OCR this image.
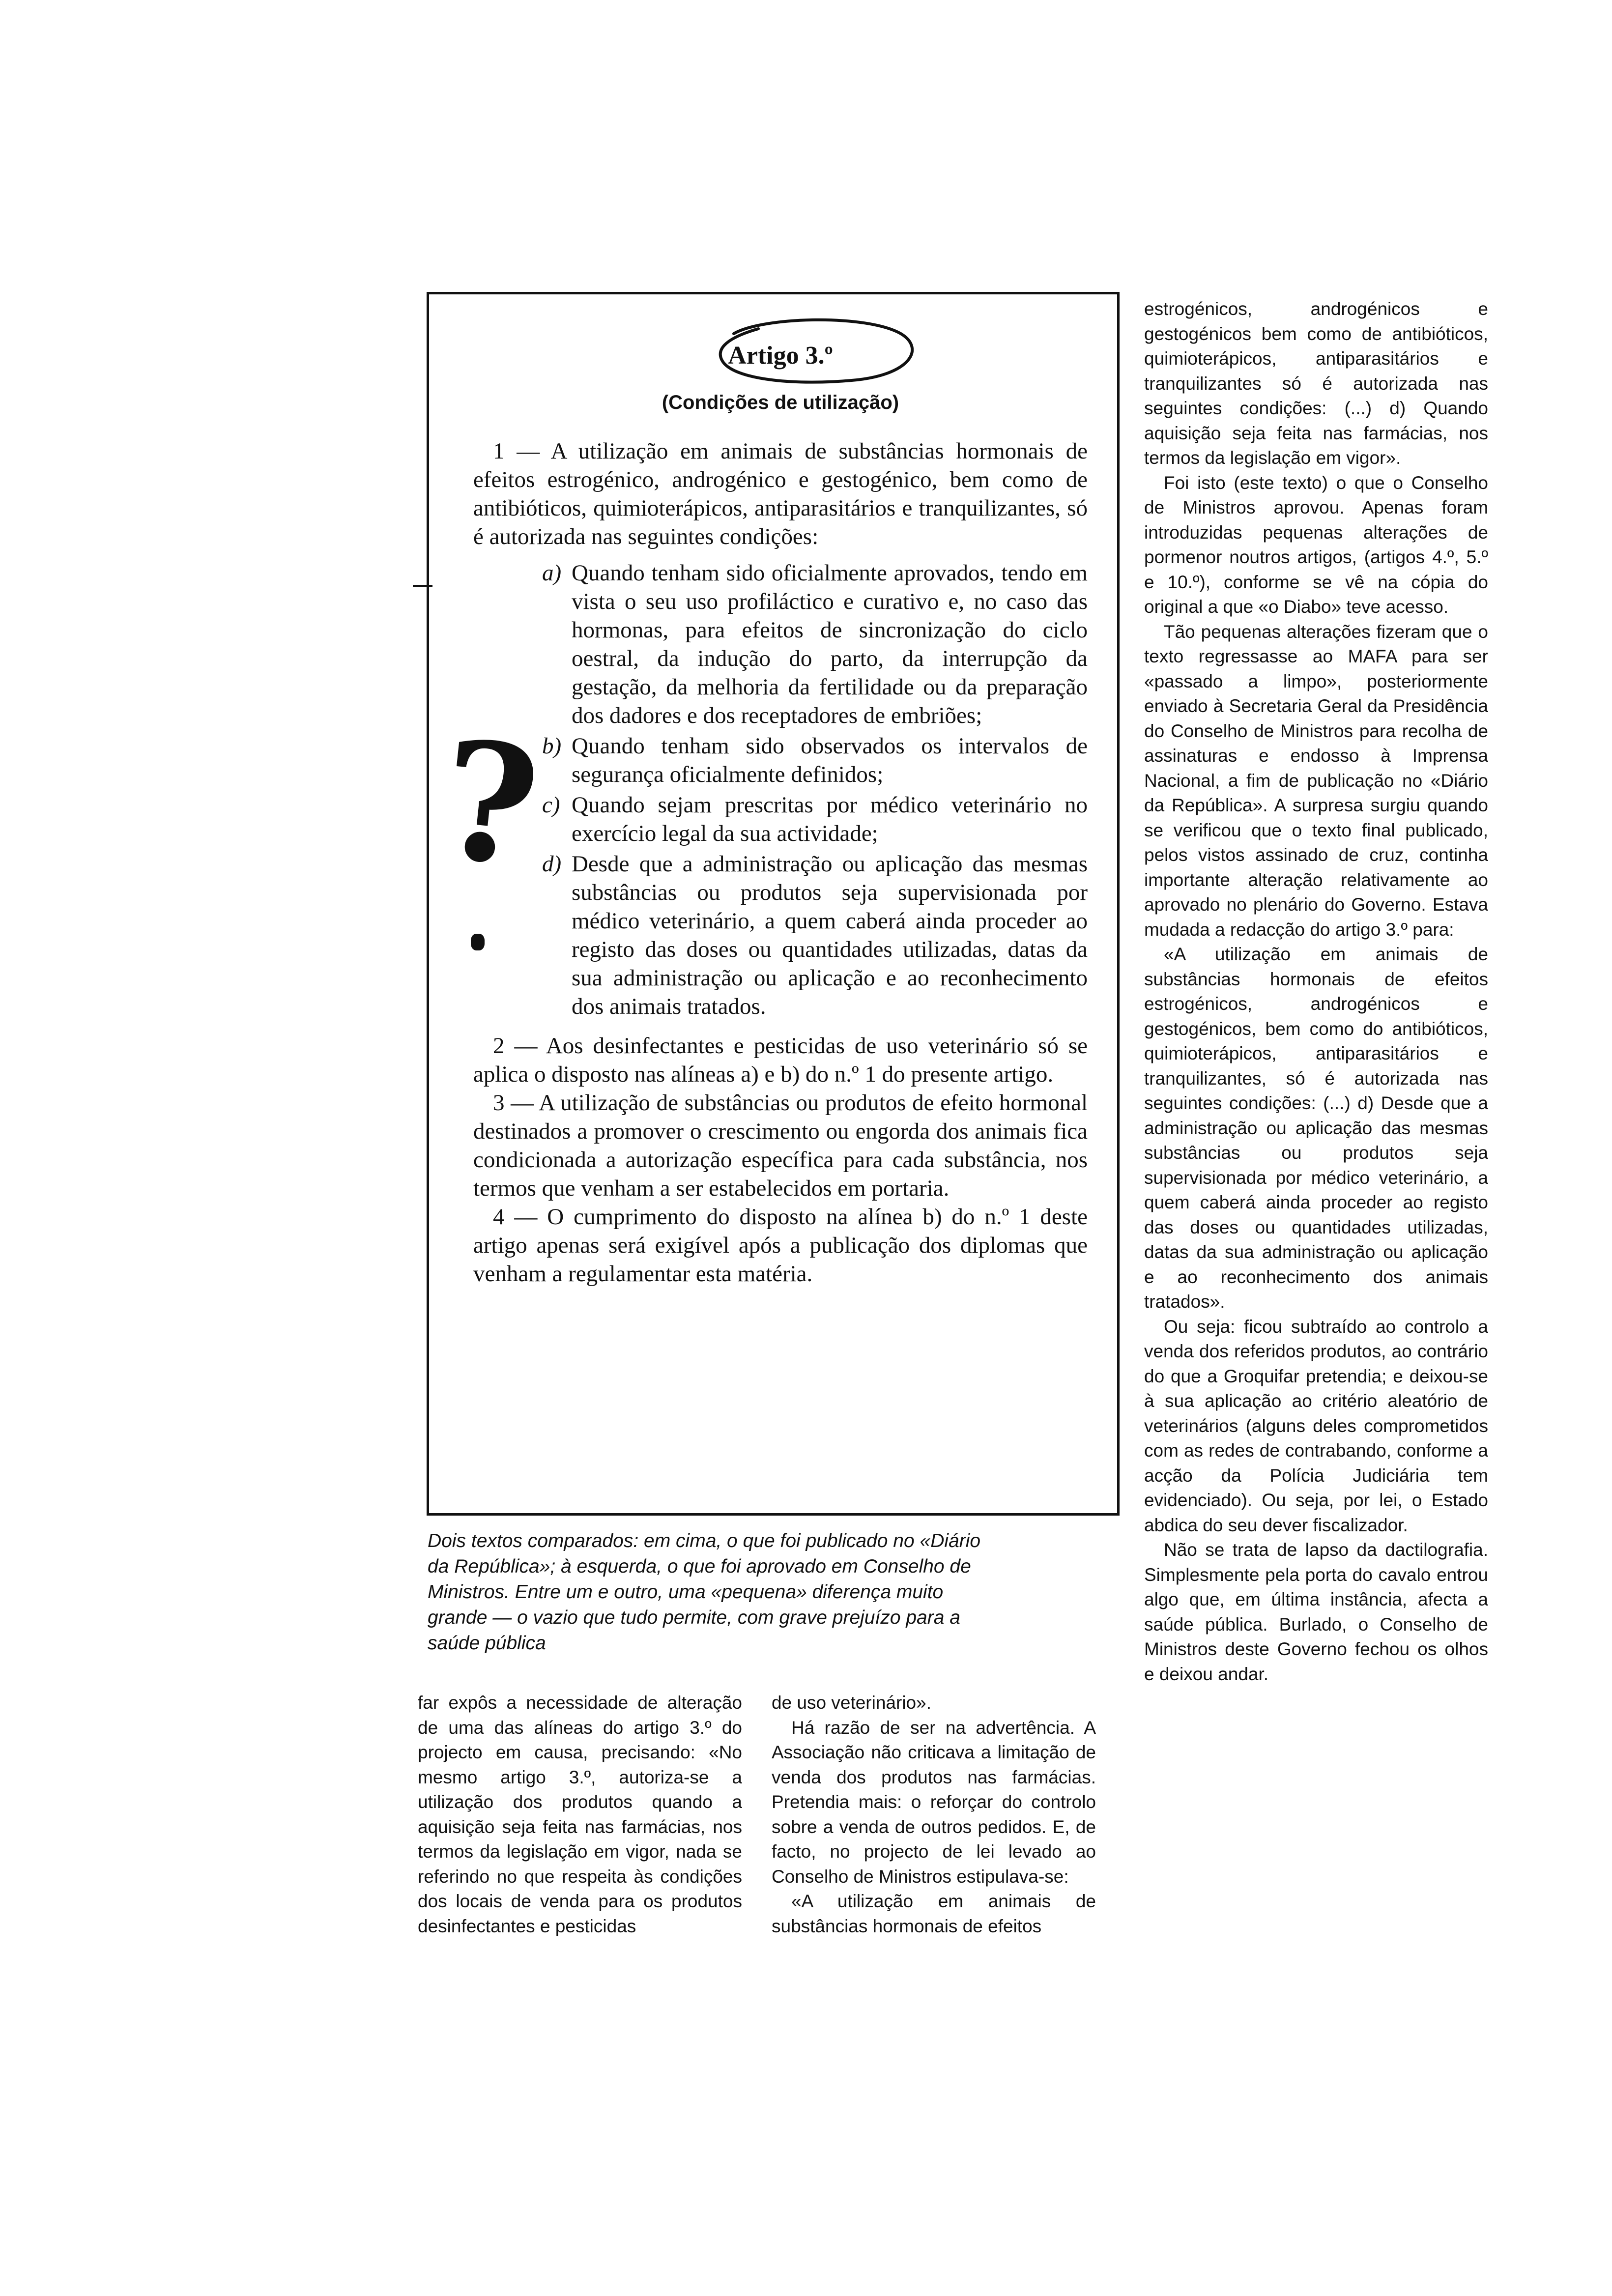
Artigo 3.º
(Condições de utilização)

1 — A utilização em animais de substâncias hormonais de efeitos estrogénico, androgénico e gestogénico, bem como de antibióticos, quimioterápicos, antiparasitários e tranquilizantes, só é autorizada nas seguintes condições:

a) Quando tenham sido oficialmente aprovados, tendo em vista o seu uso profiláctico e curativo e, no caso das hormonas, para efeitos de sincronização do ciclo oestral, da indução do parto, da interrupção da gestação, da melhoria da fertilidade ou da preparação dos dadores e dos receptadores de embriões;
b) Quando tenham sido observados os intervalos de segurança oficialmente definidos;
c) Quando sejam prescritas por médico veterinário no exercício legal da sua actividade;
d) Desde que a administração ou aplicação das mesmas substâncias ou produtos seja supervisionada por médico veterinário, a quem caberá ainda proceder ao registo das doses ou quantidades utilizadas, datas da sua administração ou aplicação e ao reconhecimento dos animais tratados.

2 — Aos desinfectantes e pesticidas de uso veterinário só se aplica o disposto nas alíneas a) e b) do n.º 1 do presente artigo.

3 — A utilização de substâncias ou produtos de efeito hormonal destinados a promover o crescimento ou engorda dos animais fica condicionada a autorização específica para cada substância, nos termos que venham a ser estabelecidos em portaria.

4 — O cumprimento do disposto na alínea b) do n.º 1 deste artigo apenas será exigível após a publicação dos diplomas que venham a regulamentar esta matéria.

?
Dois textos comparados: em cima, o que foi publicado no «Diário da República»; à esquerda, o que foi aprovado em Conselho de Ministros. Entre um e outro, uma «pequena» diferença muito grande — o vazio que tudo permite, com grave prejuízo para a saúde pública

far expôs a necessidade de alteração de uma das alíneas do artigo 3.º do projecto em causa, precisando: «No mesmo artigo 3.º, autoriza-se a utilização dos produtos quando a aquisição seja feita nas farmácias, nos termos da legislação em vigor, nada se referindo no que respeita às condições dos locais de venda para os produtos desinfectantes e pesticidas

de uso veterinário».

Há razão de ser na advertência. A Associação não criticava a limitação de venda dos produtos nas farmácias. Pretendia mais: o reforçar do controlo sobre a venda de outros pedidos. E, de facto, no projecto de lei levado ao Conselho de Ministros estipulava-se:

«A utilização em animais de substâncias hormonais de efeitos

estrogénicos, androgénicos e gestogénicos bem como de antibióticos, quimioterápicos, antiparasitários e tranquilizantes só é autorizada nas seguintes condições: (...) d) Quando aquisição seja feita nas farmácias, nos termos da legislação em vigor».

Foi isto (este texto) o que o Conselho de Ministros aprovou. Apenas foram introduzidas pequenas alterações de pormenor noutros artigos, (artigos 4.º, 5.º e 10.º), conforme se vê na cópia do original a que «o Diabo» teve acesso.

Tão pequenas alterações fizeram que o texto regressasse ao MAFA para ser «passado a limpo», posteriormente enviado à Secretaria Geral da Presidência do Conselho de Ministros para recolha de assinaturas e endosso à Imprensa Nacional, a fim de publicação no «Diário da República». A surpresa surgiu quando se verificou que o texto final publicado, pelos vistos assinado de cruz, continha importante alteração relativamente ao aprovado no plenário do Governo. Estava mudada a redacção do artigo 3.º para:

«A utilização em animais de substâncias hormonais de efeitos estrogénicos, androgénicos e gestogénicos, bem como do antibióticos, quimioterápicos, antiparasitários e tranquilizantes, só é autorizada nas seguintes condições: (...) d) Desde que a administração ou aplicação das mesmas substâncias ou produtos seja supervisionada por médico veterinário, a quem caberá ainda proceder ao registo das doses ou quantidades utilizadas, datas da sua administração ou aplicação e ao reconhecimento dos animais tratados».

Ou seja: ficou subtraído ao controlo a venda dos referidos produtos, ao contrário do que a Groquifar pretendia; e deixou-se à sua aplicação ao critério aleatório de veterinários (alguns deles comprometidos com as redes de contrabando, conforme a acção da Polícia Judiciária tem evidenciado). Ou seja, por lei, o Estado abdica do seu dever fiscalizador.

Não se trata de lapso da dactilografia. Simplesmente pela porta do cavalo entrou algo que, em última instância, afecta a saúde pública. Burlado, o Conselho de Ministros deste Governo fechou os olhos e deixou andar.
